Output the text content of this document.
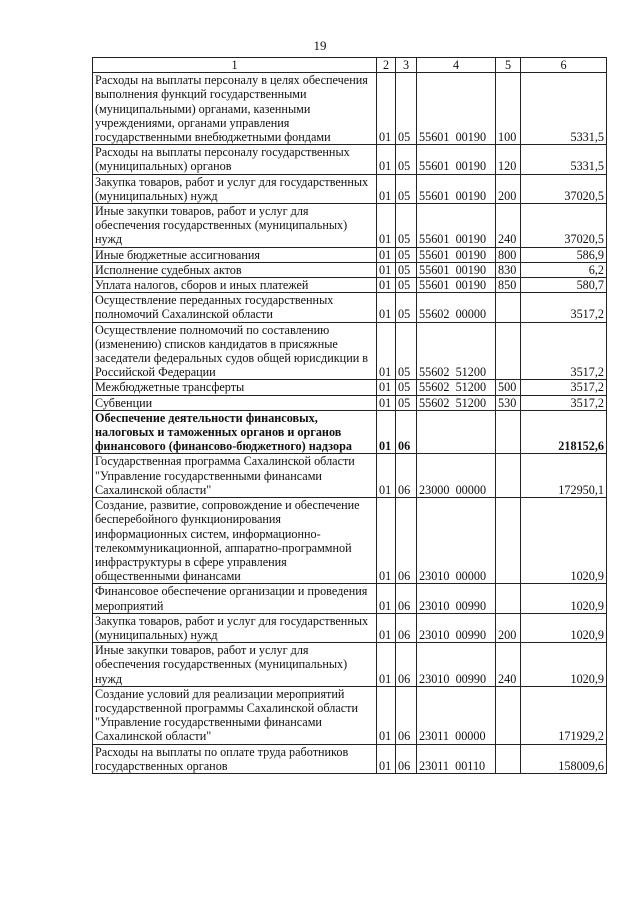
19
1	2	3	4	5	6
Расходы на выплаты персоналу в целях обеспечения выполнения функций государственными (муниципальными) органами, казенными учреждениями, органами управления государственными внебюджетными фондами	01	05	55601  00190	100	5331,5
Расходы на выплаты персоналу государственных (муниципальных) органов	01	05	55601  00190	120	5331,5
Закупка товаров, работ и услуг для государственных (муниципальных) нужд	01	05	55601  00190	200	37020,5
Иные закупки товаров, работ и услуг для обеспечения государственных (муниципальных) нужд	01	05	55601  00190	240	37020,5
Иные бюджетные ассигнования	01	05	55601  00190	800	586,9
Исполнение судебных актов	01	05	55601  00190	830	6,2
Уплата налогов, сборов и иных платежей	01	05	55601  00190	850	580,7
Осуществление переданных государственных полномочий Сахалинской области	01	05	55602  00000		3517,2
Осуществление полномочий по составлению (изменению) списков кандидатов в присяжные заседатели федеральных судов общей юрисдикции в Российской Федерации	01	05	55602  51200		3517,2
Межбюджетные трансферты	01	05	55602  51200	500	3517,2
Субвенции	01	05	55602  51200	530	3517,2
Обеспечение деятельности финансовых, налоговых и таможенных органов и органов финансового (финансово-бюджетного) надзора	01	06			218152,6
Государственная программа Сахалинской области "Управление государственными финансами Сахалинской области"	01	06	23000  00000		172950,1
Создание, развитие, сопровождение и обеспечение бесперебойного функционирования информационных систем, информационно-телекоммуникационной, аппаратно-программной инфраструктуры в сфере управления общественными финансами	01	06	23010  00000		1020,9
Финансовое обеспечение организации и проведения мероприятий	01	06	23010  00990		1020,9
Закупка товаров, работ и услуг для государственных (муниципальных) нужд	01	06	23010  00990	200	1020,9
Иные закупки товаров, работ и услуг для обеспечения государственных (муниципальных) нужд	01	06	23010  00990	240	1020,9
Создание условий для реализации мероприятий государственной программы Сахалинской области "Управление государственными финансами Сахалинской области"	01	06	23011  00000		171929,2
Расходы на выплаты по оплате труда работников государственных органов	01	06	23011  00110		158009,6
